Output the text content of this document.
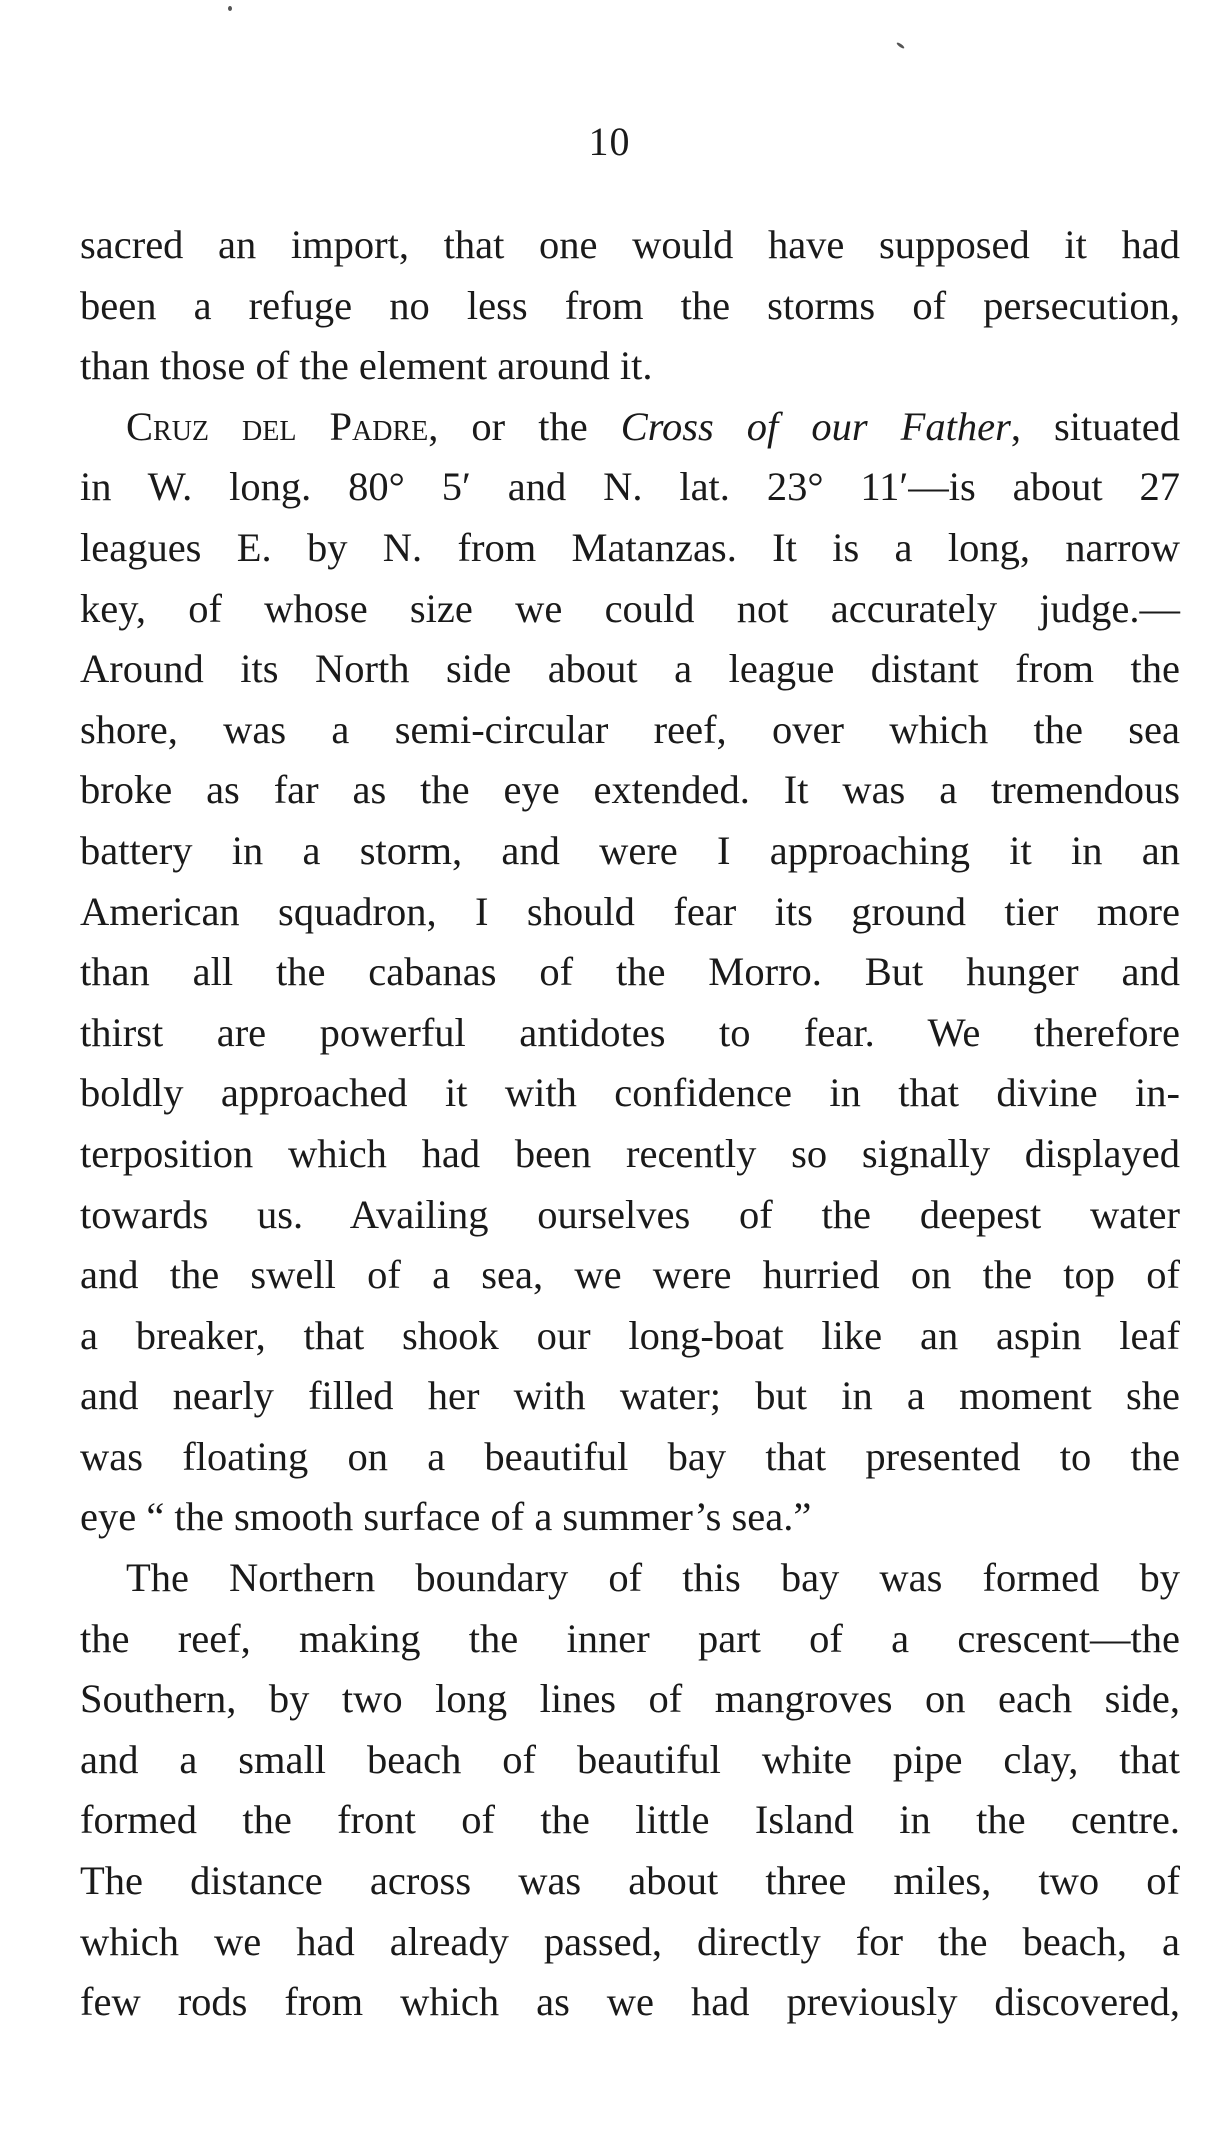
10
sacred an import, that one would have supposed it had
been a refuge no less from the storms of persecution,
than those of the element around it.
Cruz del Padre, or the Cross of our Father, situated
in W. long. 80° 5′ and N. lat. 23° 11′—is about 27
leagues E. by N. from Matanzas. It is a long, narrow
key, of whose size we could not accurately judge.—
Around its North side about a league distant from the
shore, was a semi-circular reef, over which the sea
broke as far as the eye extended. It was a tremendous
battery in a storm, and were I approaching it in an
American squadron, I should fear its ground tier more
than all the cabanas of the Morro. But hunger and
thirst are powerful antidotes to fear. We therefore
boldly approached it with confidence in that divine in-
terposition which had been recently so signally displayed
towards us. Availing ourselves of the deepest water
and the swell of a sea, we were hurried on the top of
a breaker, that shook our long-boat like an aspin leaf
and nearly filled her with water; but in a moment she
was floating on a beautiful bay that presented to the
eye “ the smooth surface of a summer’s sea.”
The Northern boundary of this bay was formed by
the reef, making the inner part of a crescent—the
Southern, by two long lines of mangroves on each side,
and a small beach of beautiful white pipe clay, that
formed the front of the little Island in the centre.
The distance across was about three miles, two of
which we had already passed, directly for the beach, a
few rods from which as we had previously discovered,
